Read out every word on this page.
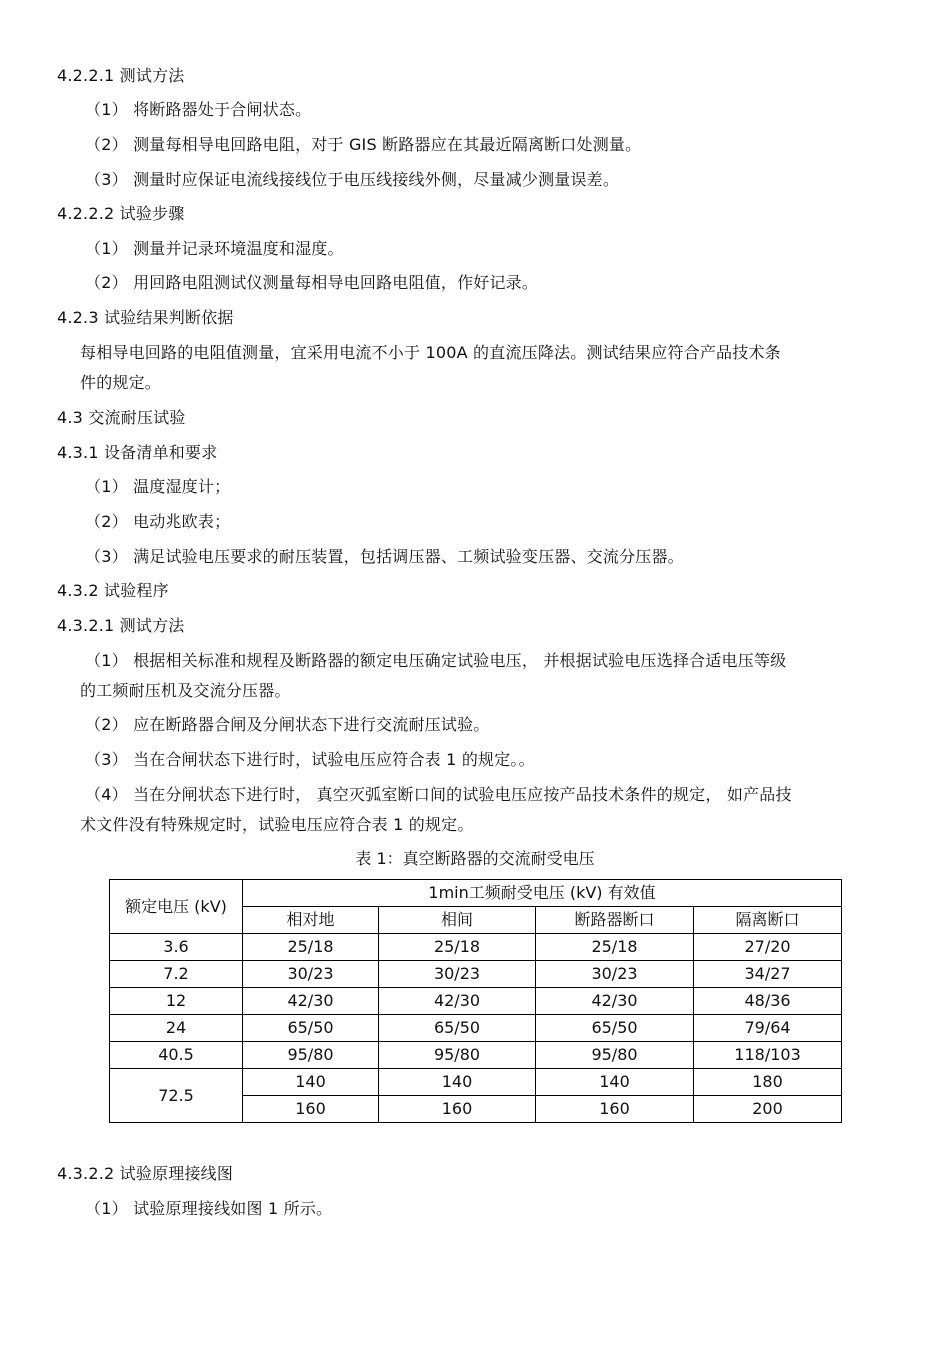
4.2.2.1 测试方法
（1） 将断路器处于合闸状态。
（2） 测量每相导电回路电阻，对于 GIS 断路器应在其最近隔离断口处测量。
（3） 测量时应保证电流线接线位于电压线接线外侧，尽量减少测量误差。
4.2.2.2 试验步骤
（1） 测量并记录环境温度和湿度。
（2） 用回路电阻测试仪测量每相导电回路电阻值，作好记录。
4.2.3 试验结果判断依据
每相导电回路的电阻值测量，宜采用电流不小于 100A 的直流压降法。测试结果应符合产品技术条
件的规定。
4.3 交流耐压试验
4.3.1 设备清单和要求
（1） 温度湿度计；
（2） 电动兆欧表；
（3） 满足试验电压要求的耐压装置，包括调压器、工频试验变压器、交流分压器。
4.3.2 试验程序
4.3.2.1 测试方法
（1） 根据相关标准和规程及断路器的额定电压确定试验电压， 并根据试验电压选择合适电压等级
的工频耐压机及交流分压器。
（2） 应在断路器合闸及分闸状态下进行交流耐压试验。
（3） 当在合闸状态下进行时，试验电压应符合表 1 的规定。。
（4） 当在分闸状态下进行时， 真空灭弧室断口间的试验电压应按产品技术条件的规定， 如产品技
术文件没有特殊规定时，试验电压应符合表 1 的规定。
表 1：真空断路器的交流耐受电压
额定电压 (kV)	1min工频耐受电压 (kV) 有效值			
	相对地	相间	断路器断口	隔离断口
3.6	25/18	25/18	25/18	27/20
7.2	30/23	30/23	30/23	34/27
12	42/30	42/30	42/30	48/36
24	65/50	65/50	65/50	79/64
40.5	95/80	95/80	95/80	118/103
72.5	140	140	140	180
	160	160	160	200
4.3.2.2 试验原理接线图
（1） 试验原理接线如图 1 所示。
